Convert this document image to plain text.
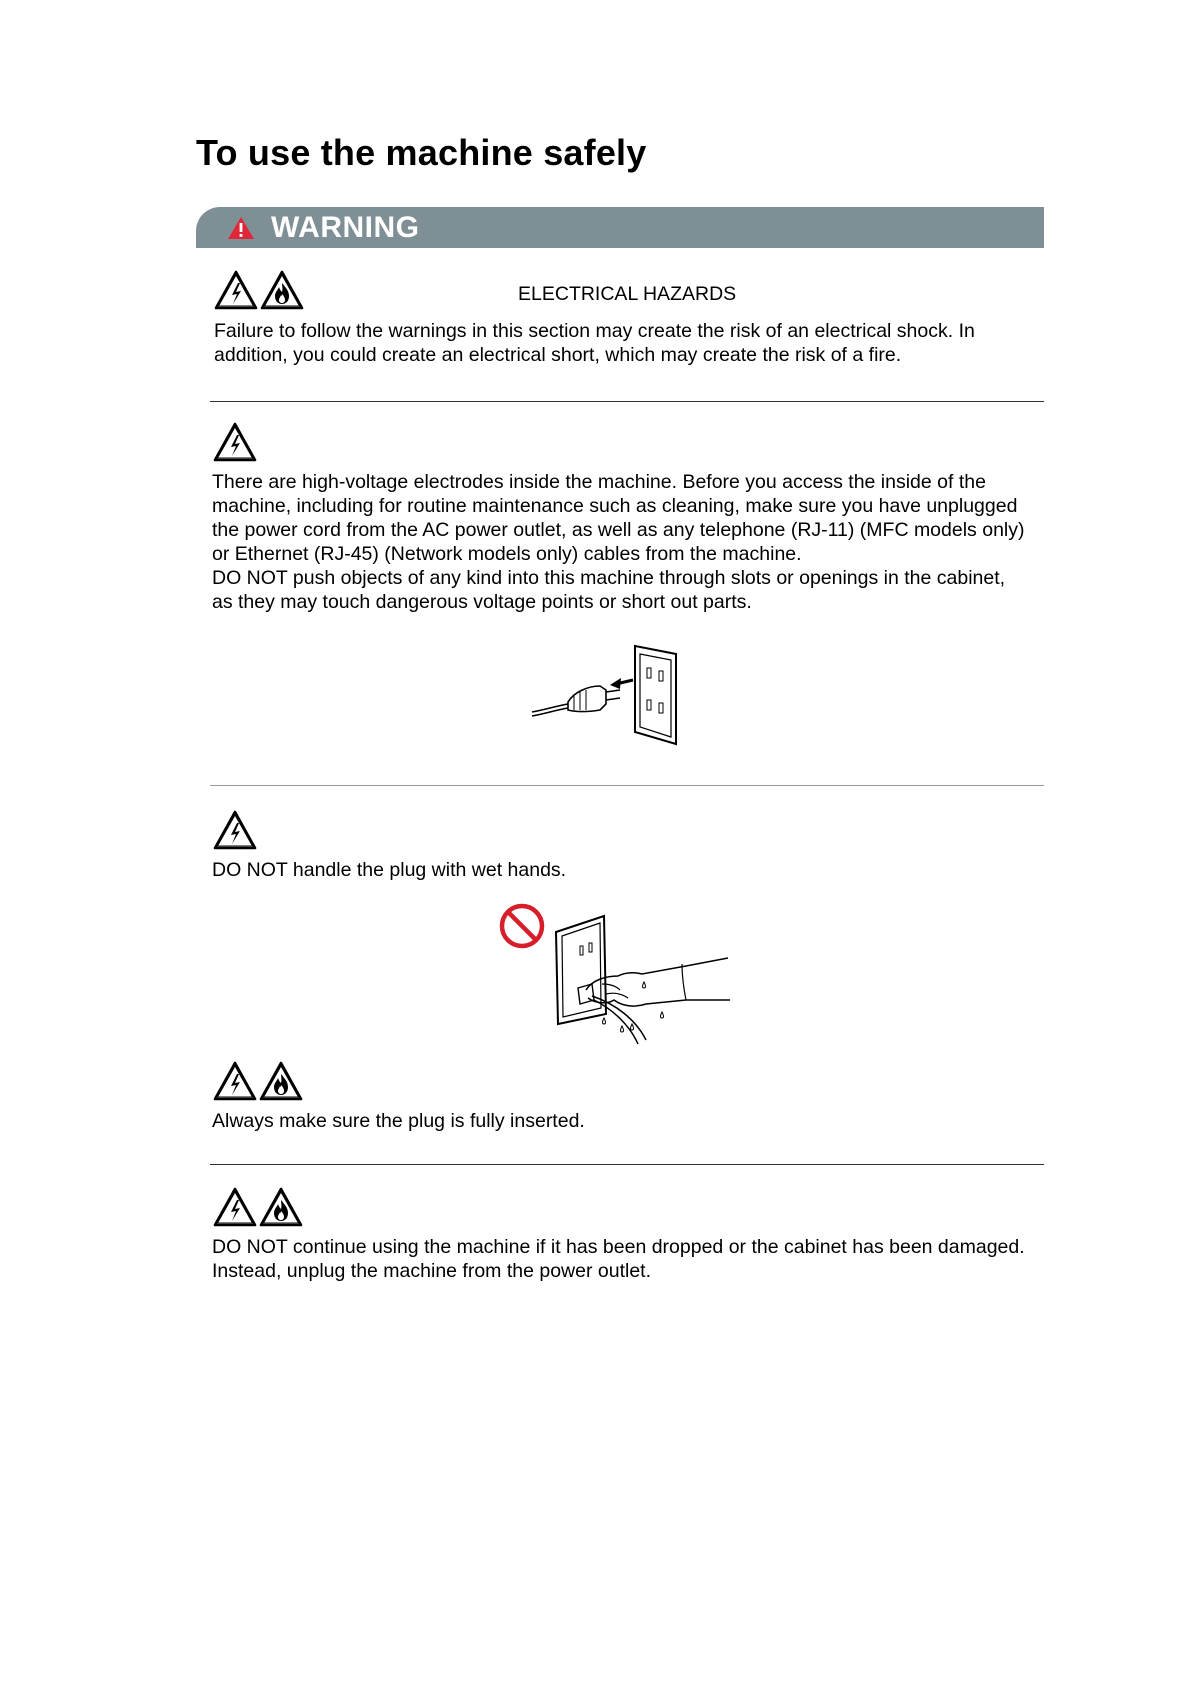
To use the machine safely
WARNING
ELECTRICAL HAZARDS
Failure to follow the warnings in this section may create the risk of an electrical shock. In
addition, you could create an electrical short, which may create the risk of a fire.
There are high-voltage electrodes inside the machine. Before you access the inside of the
machine, including for routine maintenance such as cleaning, make sure you have unplugged
the power cord from the AC power outlet, as well as any telephone (RJ-11) (MFC models only)
or Ethernet (RJ-45) (Network models only) cables from the machine.
DO NOT push objects of any kind into this machine through slots or openings in the cabinet,
as they may touch dangerous voltage points or short out parts.
DO NOT handle the plug with wet hands.
Always make sure the plug is fully inserted.
DO NOT continue using the machine if it has been dropped or the cabinet has been damaged.
Instead, unplug the machine from the power outlet.
